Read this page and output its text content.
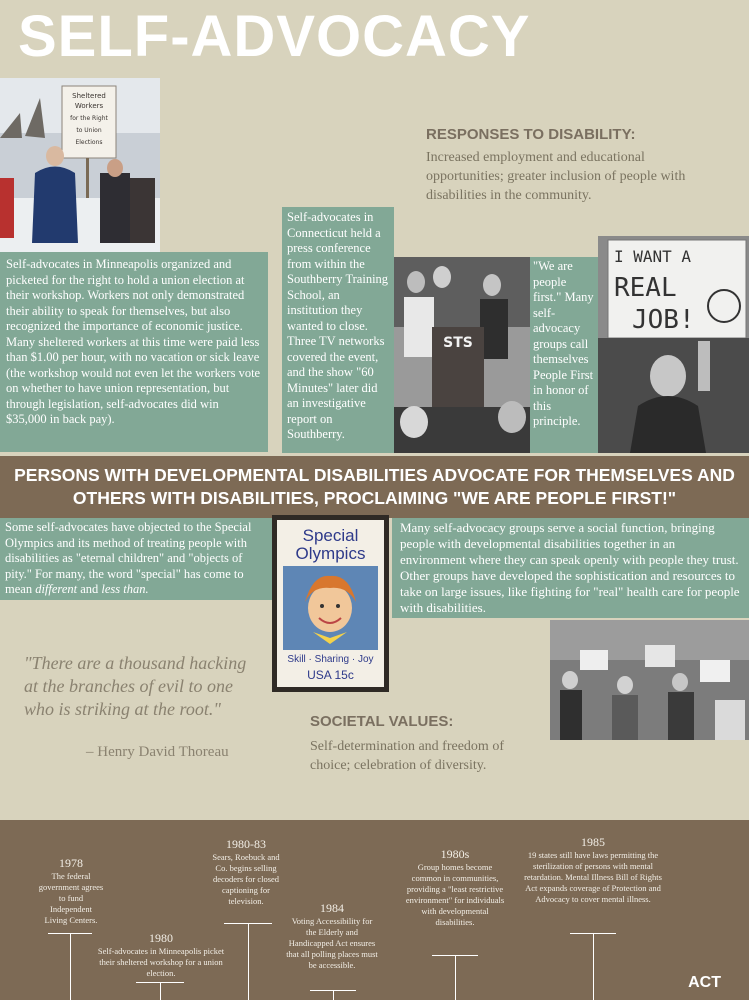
SELF-ADVOCACY
Sheltered
Workers
for the Right
to Union
Elections
Self-advocates in Minneapolis organized and picketed for the right to hold a union election at their workshop. Workers not only demonstrated their ability to speak for themselves, but also recognized the importance of economic justice. Many sheltered workers at this time were paid less than $1.00 per hour, with no vacation or sick leave (the workshop would not even let the workers vote on whether to have union representation, but through legislation, self-advocates did win $35,000 in back pay).
Self-advocates in Connecticut held a press conference from within the Southberry Training School, an institution they wanted to close. Three TV networks covered the event, and the show "60 Minutes" later did an investigative report on Southberry.
STS
"We are people first." Many self-advocacy groups call themselves People First in honor of this principle.
I WANT A
REAL
JOB!
RESPONSES TO DISABILITY:
Increased employment and educational opportunities; greater inclusion of people with disabilities in the community.
PERSONS WITH DEVELOPMENTAL DISABILITIES ADVOCATE FOR THEMSELVES AND OTHERS WITH DISABILITIES, PROCLAIMING "WE ARE PEOPLE FIRST!"
Some self-advocates have objected to the Special Olympics and its method of treating people with disabilities as "eternal children" and "objects of pity." For many, the word "special" has come to mean different and less than.
Special
Olympics
Skill · Sharing · Joy
USA 15c
Many self-advocacy groups serve a social function, bringing people with developmental disabilities together in an environment where they can speak openly with people they trust. Other groups have developed the sophistication and resources to take on large issues, like fighting for "real" health care for people with disabilities.
"There are a thousand hacking at the branches of evil to one who is striking at the root."
– Henry David Thoreau
SOCIETAL VALUES:
Self-determination and freedom of choice; celebration of diversity.
1978
The federal government agrees to fund Independent Living Centers.
1980
Self-advocates in Minneapolis picket their sheltered workshop for a union election.
1980-83
Sears, Roebuck and Co. begins selling decoders for closed captioning for television.	1984
Voting Accessibility for the Elderly and Handicapped Act ensures that all polling places must be accessible.
1980s
Group homes become common in communities, providing a "least restrictive environment" for individuals with developmental disabilities.
1985
19 states still have laws permitting the sterilization of persons with mental retardation. Mental Illness Bill of Rights Act expands coverage of Protection and Advocacy to cover mental illness.
ACT
